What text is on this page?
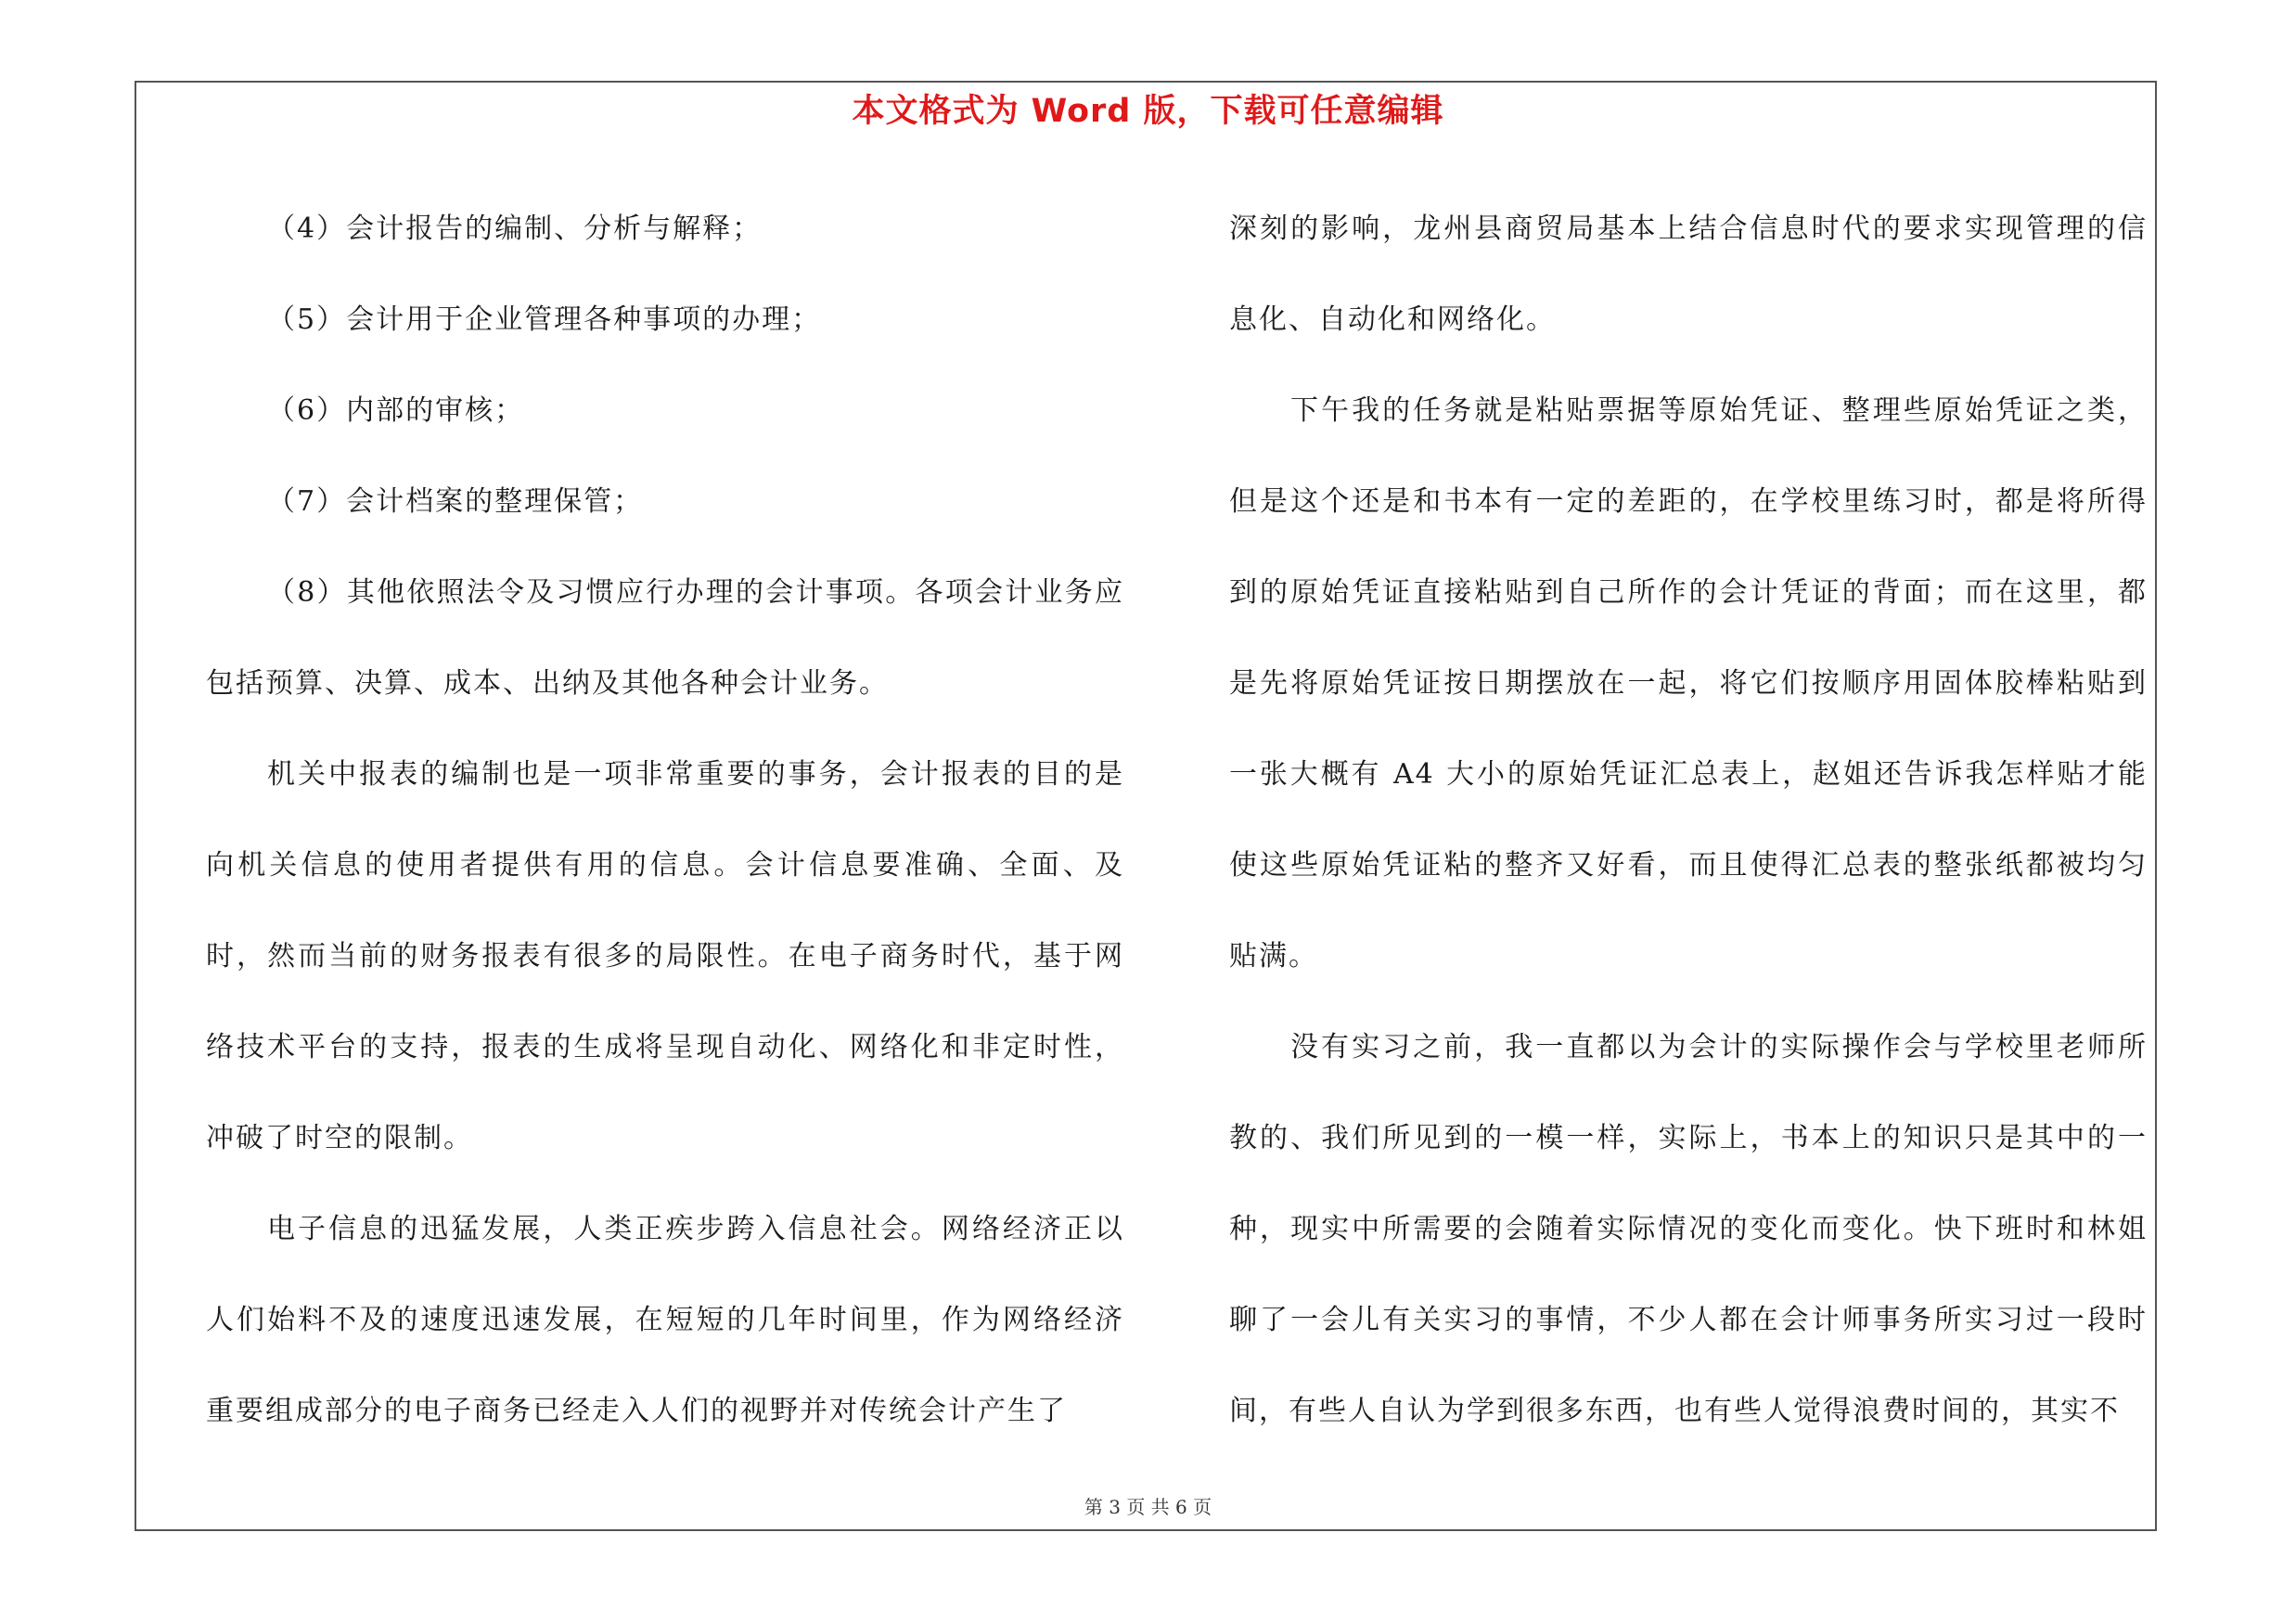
本文格式为 Word 版，下载可任意编辑

（4）会计报告的编制、分析与解释；

（5）会计用于企业管理各种事项的办理；

（6）内部的审核；

（7）会计档案的整理保管；

（8）其他依照法令及习惯应行办理的会计事项。各项会计业务应包括预算、决算、成本、出纳及其他各种会计业务。

机关中报表的编制也是一项非常重要的事务，会计报表的目的是向机关信息的使用者提供有用的信息。会计信息要准确、全面、及时，然而当前的财务报表有很多的局限性。在电子商务时代，基于网络技术平台的支持，报表的生成将呈现自动化、网络化和非定时性，冲破了时空的限制。

电子信息的迅猛发展，人类正疾步跨入信息社会。网络经济正以人们始料不及的速度迅速发展，在短短的几年时间里，作为网络经济重要组成部分的电子商务已经走入人们的视野并对传统会计产生了

深刻的影响，龙州县商贸局基本上结合信息时代的要求实现管理的信息化、自动化和网络化。

下午我的任务就是粘贴票据等原始凭证、整理些原始凭证之类，但是这个还是和书本有一定的差距的，在学校里练习时，都是将所得到的原始凭证直接粘贴到自己所作的会计凭证的背面；而在这里，都是先将原始凭证按日期摆放在一起，将它们按顺序用固体胶棒粘贴到一张大概有 A4 大小的原始凭证汇总表上，赵姐还告诉我怎样贴才能使这些原始凭证粘的整齐又好看，而且使得汇总表的整张纸都被均匀贴满。

没有实习之前，我一直都以为会计的实际操作会与学校里老师所教的、我们所见到的一模一样，实际上，书本上的知识只是其中的一种，现实中所需要的会随着实际情况的变化而变化。快下班时和林姐聊了一会儿有关实习的事情，不少人都在会计师事务所实习过一段时间，有些人自认为学到很多东西，也有些人觉得浪费时间的，其实不

第 3 页 共 6 页
